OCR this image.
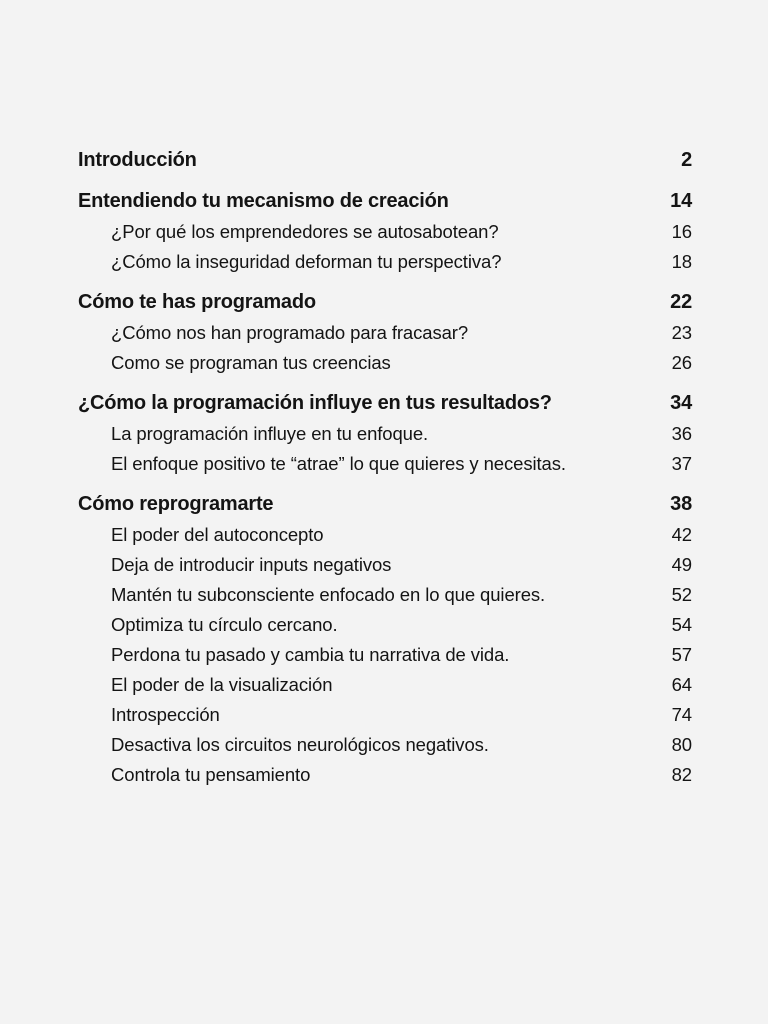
Introducción	2
Entendiendo tu mecanismo de creación	14
¿Por qué los emprendedores se autosabotean?	16
¿Cómo la inseguridad deforman tu perspectiva?	18
Cómo te has programado	22
¿Cómo nos han programado para fracasar?	23
Como se programan tus creencias	26
¿Cómo la programación influye en tus resultados?	34
La programación influye en tu enfoque.	36
El enfoque positivo te “atrae” lo que quieres y necesitas.	37
Cómo reprogramarte	38
El poder del autoconcepto	42
Deja de introducir inputs negativos	49
Mantén tu subconsciente enfocado en lo que quieres.	52
Optimiza tu círculo cercano.	54
Perdona tu pasado y cambia tu narrativa de vida.	57
El poder de la visualización	64
Introspección	74
Desactiva los circuitos neurológicos negativos.	80
Controla tu pensamiento	82
